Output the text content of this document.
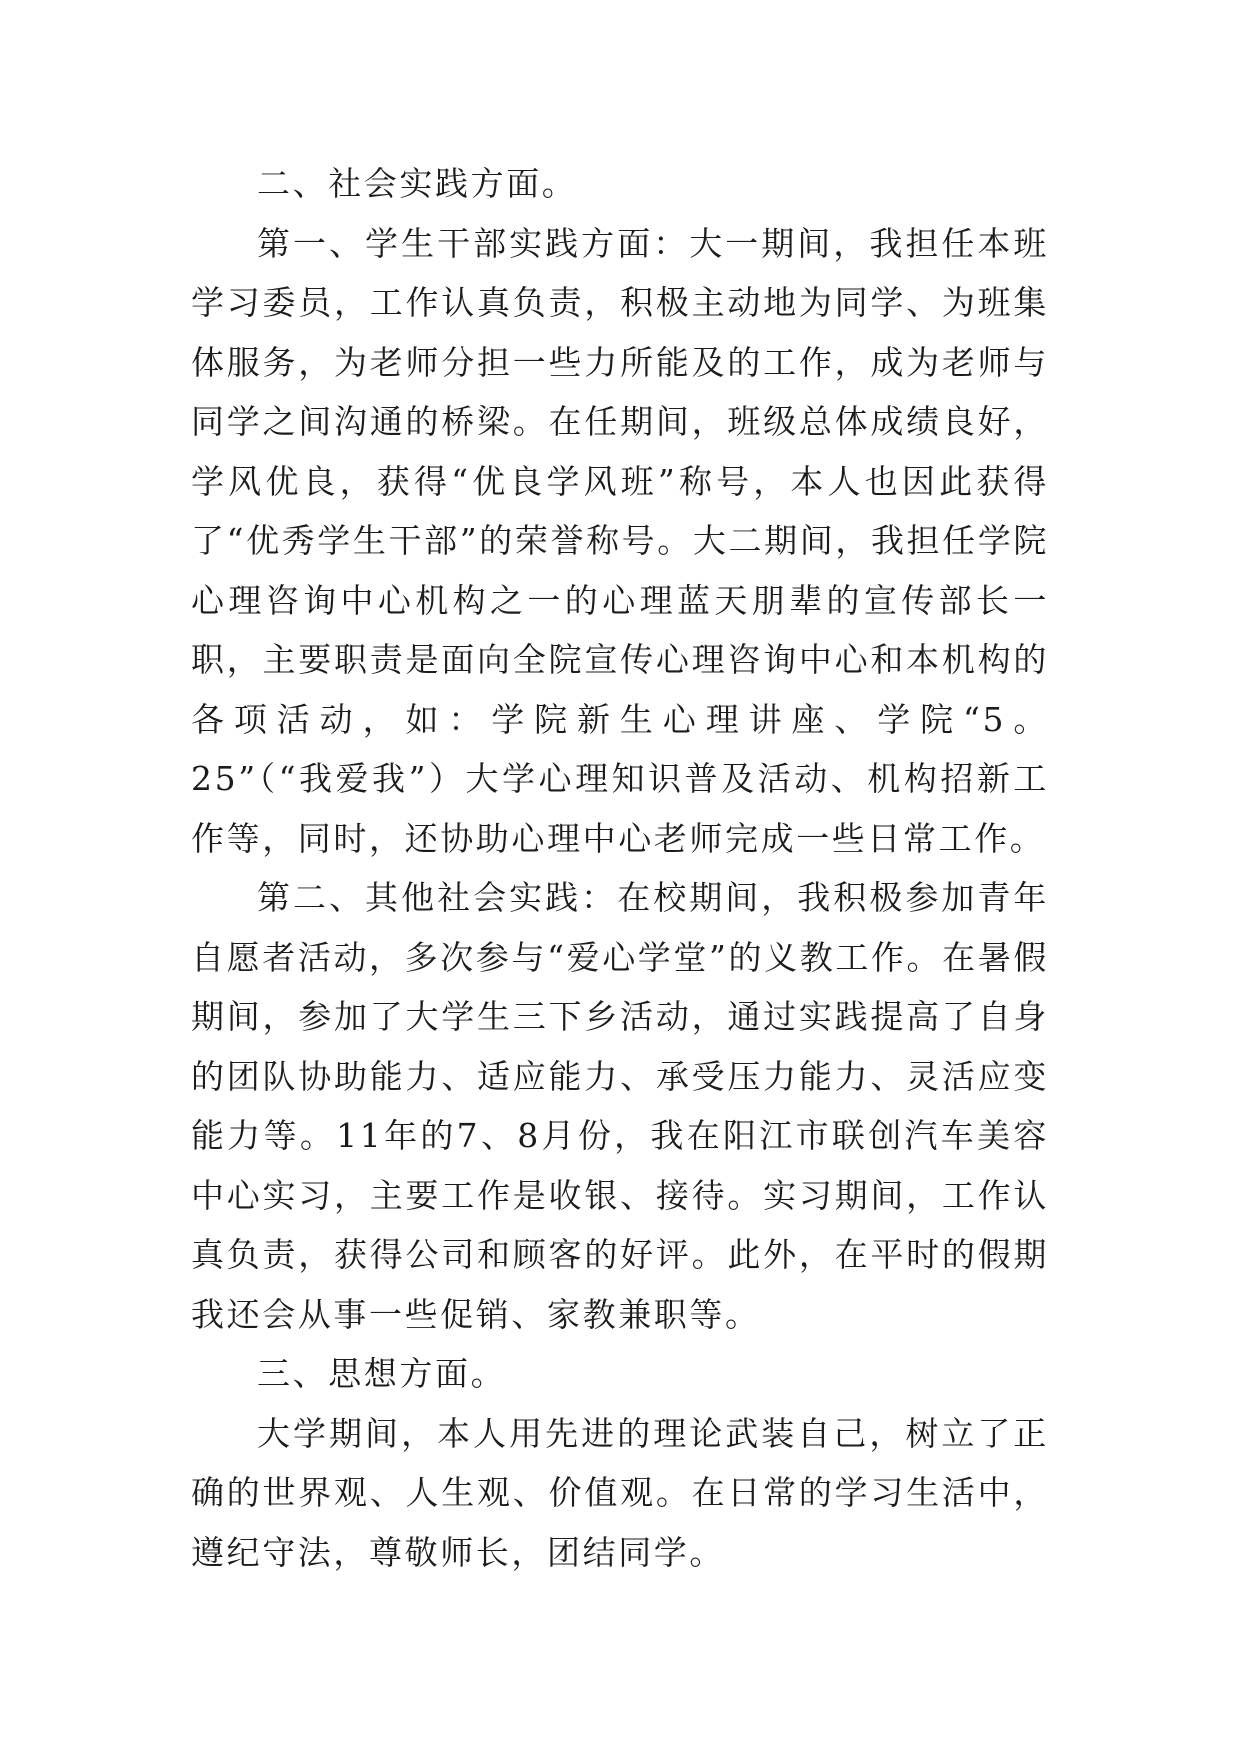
二、社会实践方面。

第一、学生干部实践方面：大一期间，我担任本班学习委员，工作认真负责，积极主动地为同学、为班集体服务，为老师分担一些力所能及的工作，成为老师与同学之间沟通的桥梁。在任期间，班级总体成绩良好，学风优良，获得“优良学风班”称号，本人也因此获得了“优秀学生干部”的荣誉称号。大二期间，我担任学院心理咨询中心机构之一的心理蓝天朋辈的宣传部长一职，主要职责是面向全院宣传心理咨询中心和本机构的各项活动，如：学院新生心理讲座、学院“5。25”（“我爱我”）大学心理知识普及活动、机构招新工作等，同时，还协助心理中心老师完成一些日常工作。

第二、其他社会实践：在校期间，我积极参加青年自愿者活动，多次参与“爱心学堂”的义教工作。在暑假期间，参加了大学生三下乡活动，通过实践提高了自身的团队协助能力、适应能力、承受压力能力、灵活应变能力等。11年的7、8月份，我在阳江市联创汽车美容中心实习，主要工作是收银、接待。实习期间，工作认真负责，获得公司和顾客的好评。此外，在平时的假期我还会从事一些促销、家教兼职等。

三、思想方面。

大学期间，本人用先进的理论武装自己，树立了正确的世界观、人生观、价值观。在日常的学习生活中，遵纪守法，尊敬师长，团结同学。
